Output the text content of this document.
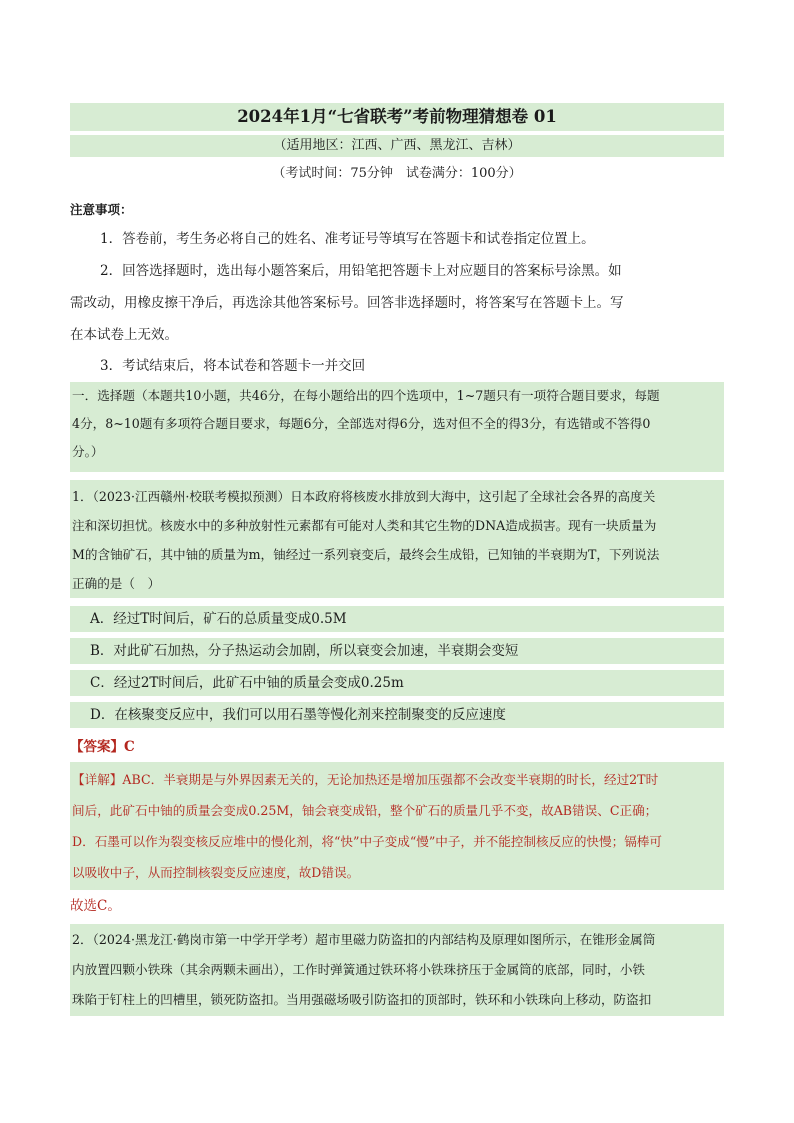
2024年1月“七省联考”考前物理猜想卷 01
（适用地区：江西、广西、黑龙江、吉林）
（考试时间：75分钟　试卷满分：100分）
注意事项：
1．答卷前，考生务必将自己的姓名、准考证号等填写在答题卡和试卷指定位置上。
2．回答选择题时，选出每小题答案后，用铅笔把答题卡上对应题目的答案标号涂黑。如
需改动，用橡皮擦干净后，再选涂其他答案标号。回答非选择题时，将答案写在答题卡上。写
在本试卷上无效。
3．考试结束后，将本试卷和答题卡一并交回
一．选择题（本题共10小题，共46分，在每小题给出的四个选项中，1~7题只有一项符合题目要求，每题
4分，8~10题有多项符合题目要求，每题6分，全部选对得6分，选对但不全的得3分，有选错或不答得0
分。）
1．（2023·江西赣州·校联考模拟预测）日本政府将核废水排放到大海中，这引起了全球社会各界的高度关
注和深切担忧。核废水中的多种放射性元素都有可能对人类和其它生物的DNA造成损害。现有一块质量为
M的含铀矿石，其中铀的质量为m，铀经过一系列衰变后，最终会生成铅，已知铀的半衰期为T，下列说法
正确的是（　）
A．经过T时间后，矿石的总质量变成0.5M
B．对此矿石加热，分子热运动会加剧，所以衰变会加速，半衰期会变短
C．经过2T时间后，此矿石中铀的质量会变成0.25m
D．在核聚变反应中，我们可以用石墨等慢化剂来控制聚变的反应速度
【答案】C
【详解】ABC．半衰期是与外界因素无关的，无论加热还是增加压强都不会改变半衰期的时长，经过2T时
间后，此矿石中铀的质量会变成0.25M，铀会衰变成铅，整个矿石的质量几乎不变，故AB错误、C正确；
D．石墨可以作为裂变核反应堆中的慢化剂，将“快”中子变成“慢”中子，并不能控制核反应的快慢；镉棒可
以吸收中子，从而控制核裂变反应速度，故D错误。
故选C。
2．（2024·黑龙江·鹤岗市第一中学开学考）超市里磁力防盗扣的内部结构及原理如图所示，在锥形金属筒
内放置四颗小铁珠（其余两颗未画出），工作时弹簧通过铁环将小铁珠挤压于金属筒的底部，同时，小铁
珠陷于钉柱上的凹槽里，锁死防盗扣。当用强磁场吸引防盗扣的顶部时，铁环和小铁珠向上移动，防盗扣
